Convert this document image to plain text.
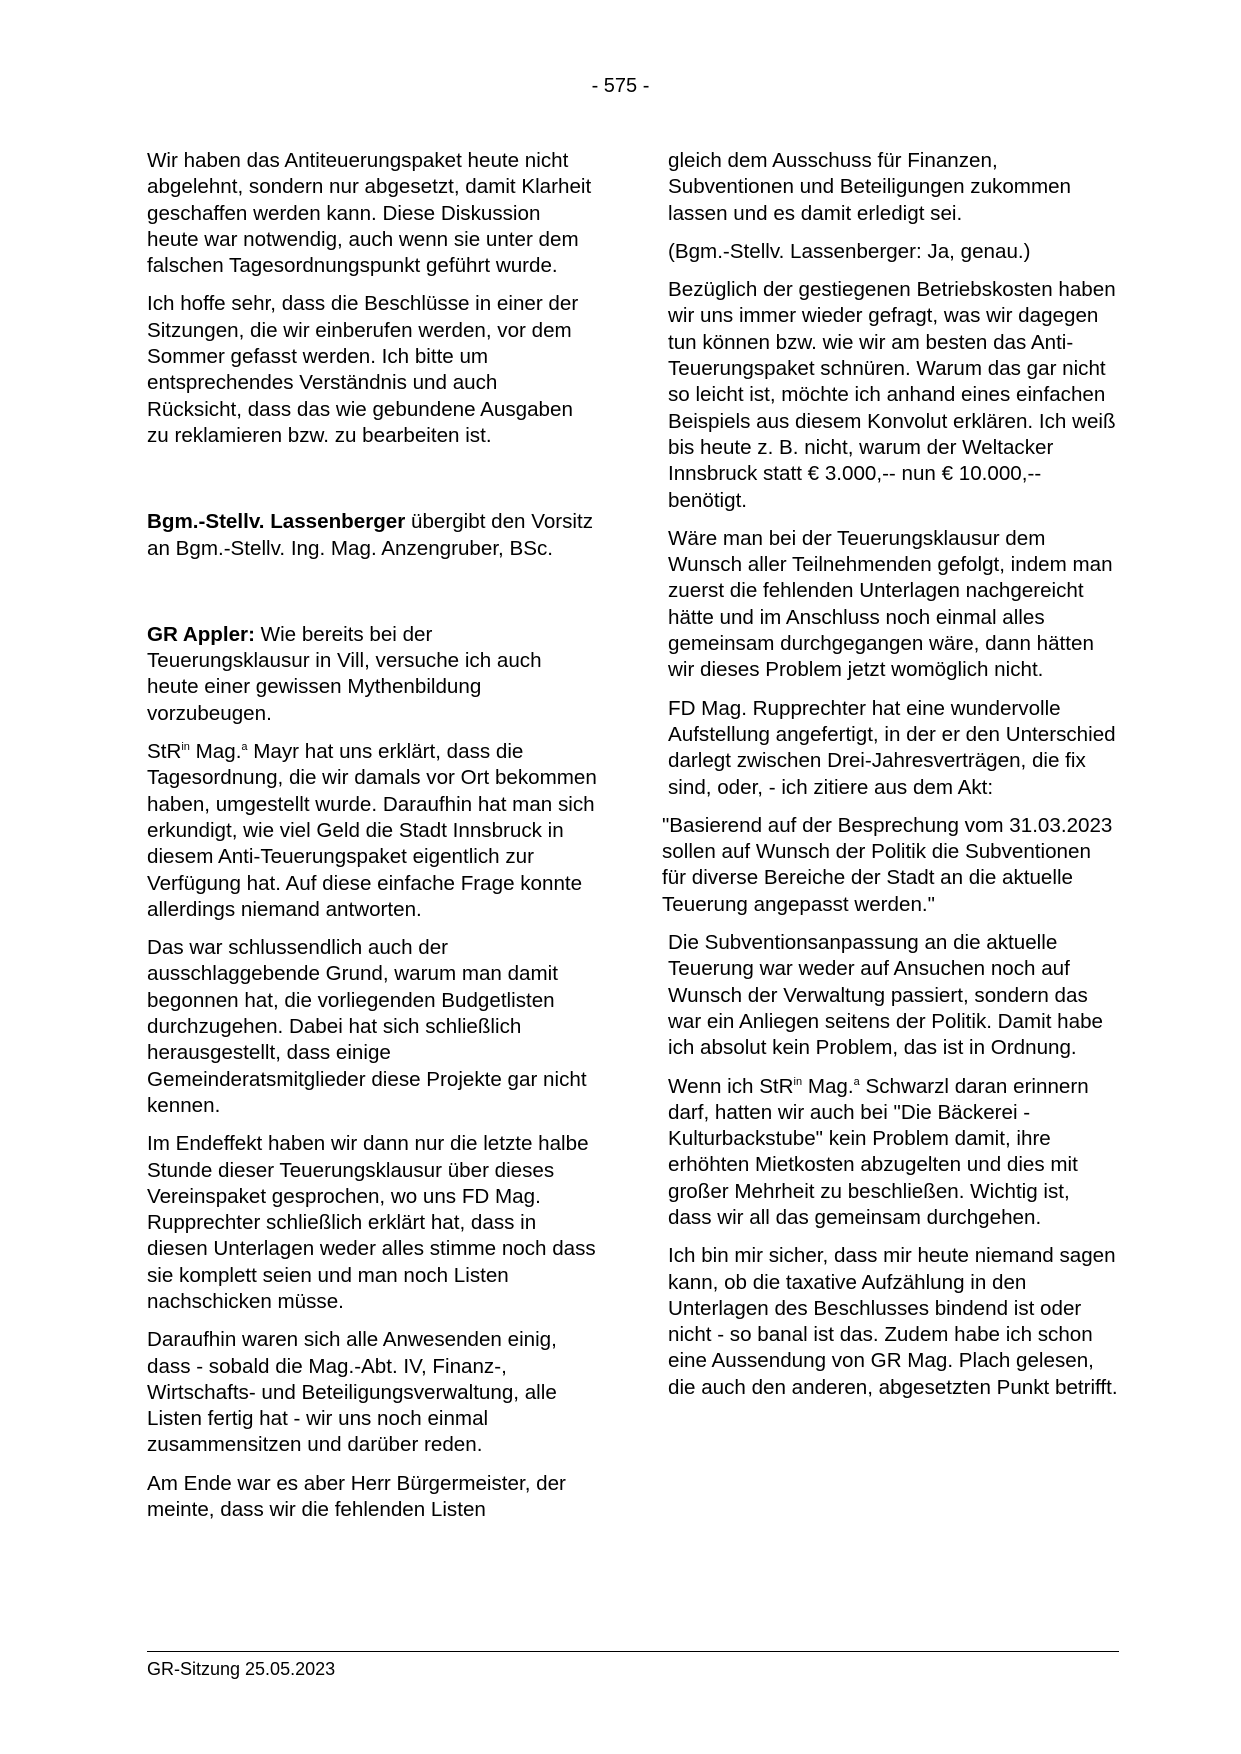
- 575 -

Wir haben das Antiteuerungspaket heute nicht abgelehnt, sondern nur abgesetzt, damit Klarheit geschaffen werden kann. Diese Diskussion heute war notwendig, auch wenn sie unter dem falschen Tagesordnungspunkt geführt wurde.

Ich hoffe sehr, dass die Beschlüsse in einer der Sitzungen, die wir einberufen werden, vor dem Sommer gefasst werden. Ich bitte um entsprechendes Verständnis und auch Rücksicht, dass das wie gebundene Ausgaben zu reklamieren bzw. zu bearbeiten ist.

Bgm.-Stellv. Lassenberger übergibt den Vorsitz an Bgm.-Stellv. Ing. Mag. Anzengruber, BSc.

GR Appler: Wie bereits bei der Teuerungsklausur in Vill, versuche ich auch heute einer gewissen Mythenbildung vorzubeugen.

StR$^{in}$ Mag.$^a$ Mayr hat uns erklärt, dass die Tagesordnung, die wir damals vor Ort bekommen haben, umgestellt wurde. Daraufhin hat man sich erkundigt, wie viel Geld die Stadt Innsbruck in diesem Anti-Teuerungspaket eigentlich zur Verfügung hat. Auf diese einfache Frage konnte allerdings niemand antworten.

Das war schlussendlich auch der ausschlaggebende Grund, warum man damit begonnen hat, die vorliegenden Budgetlisten durchzugehen. Dabei hat sich schließlich herausgestellt, dass einige Gemeinderatsmitglieder diese Projekte gar nicht kennen.

Im Endeffekt haben wir dann nur die letzte halbe Stunde dieser Teuerungsklausur über dieses Vereinspaket gesprochen, wo uns FD Mag. Rupprechter schließlich erklärt hat, dass in diesen Unterlagen weder alles stimme noch dass sie komplett seien und man noch Listen nachschicken müsse.

Daraufhin waren sich alle Anwesenden einig, dass - sobald die Mag.-Abt. IV, Finanz-, Wirtschafts- und Beteiligungsverwaltung, alle Listen fertig hat - wir uns noch einmal zusammensitzen und darüber reden.

Am Ende war es aber Herr Bürgermeister, der meinte, dass wir die fehlenden Listen

gleich dem Ausschuss für Finanzen, Subventionen und Beteiligungen zukommen lassen und es damit erledigt sei.

(Bgm.-Stellv. Lassenberger: Ja, genau.)

Bezüglich der gestiegenen Betriebskosten haben wir uns immer wieder gefragt, was wir dagegen tun können bzw. wie wir am besten das Anti-Teuerungspaket schnüren. Warum das gar nicht so leicht ist, möchte ich anhand eines einfachen Beispiels aus diesem Konvolut erklären. Ich weiß bis heute z. B. nicht, warum der Weltacker Innsbruck statt € 3.000,-- nun € 10.000,-- benötigt.

Wäre man bei der Teuerungsklausur dem Wunsch aller Teilnehmenden gefolgt, indem man zuerst die fehlenden Unterlagen nachgereicht hätte und im Anschluss noch einmal alles gemeinsam durchgegangen wäre, dann hätten wir dieses Problem jetzt womöglich nicht.

FD Mag. Rupprechter hat eine wundervolle Aufstellung angefertigt, in der er den Unterschied darlegt zwischen Drei-Jahresverträgen, die fix sind, oder, - ich zitiere aus dem Akt:

"Basierend auf der Besprechung vom 31.03.2023 sollen auf Wunsch der Politik die Subventionen für diverse Bereiche der Stadt an die aktuelle Teuerung angepasst werden."

Die Subventionsanpassung an die aktuelle Teuerung war weder auf Ansuchen noch auf Wunsch der Verwaltung passiert, sondern das war ein Anliegen seitens der Politik. Damit habe ich absolut kein Problem, das ist in Ordnung.

Wenn ich StR$^{in}$ Mag.$^a$ Schwarzl daran erinnern darf, hatten wir auch bei "Die Bäckerei - Kulturbackstube" kein Problem damit, ihre erhöhten Mietkosten abzugelten und dies mit großer Mehrheit zu beschließen. Wichtig ist, dass wir all das gemeinsam durchgehen.

Ich bin mir sicher, dass mir heute niemand sagen kann, ob die taxative Aufzählung in den Unterlagen des Beschlusses bindend ist oder nicht - so banal ist das. Zudem habe ich schon eine Aussendung von GR Mag. Plach gelesen, die auch den anderen, abgesetzten Punkt betrifft.

GR-Sitzung 25.05.2023
